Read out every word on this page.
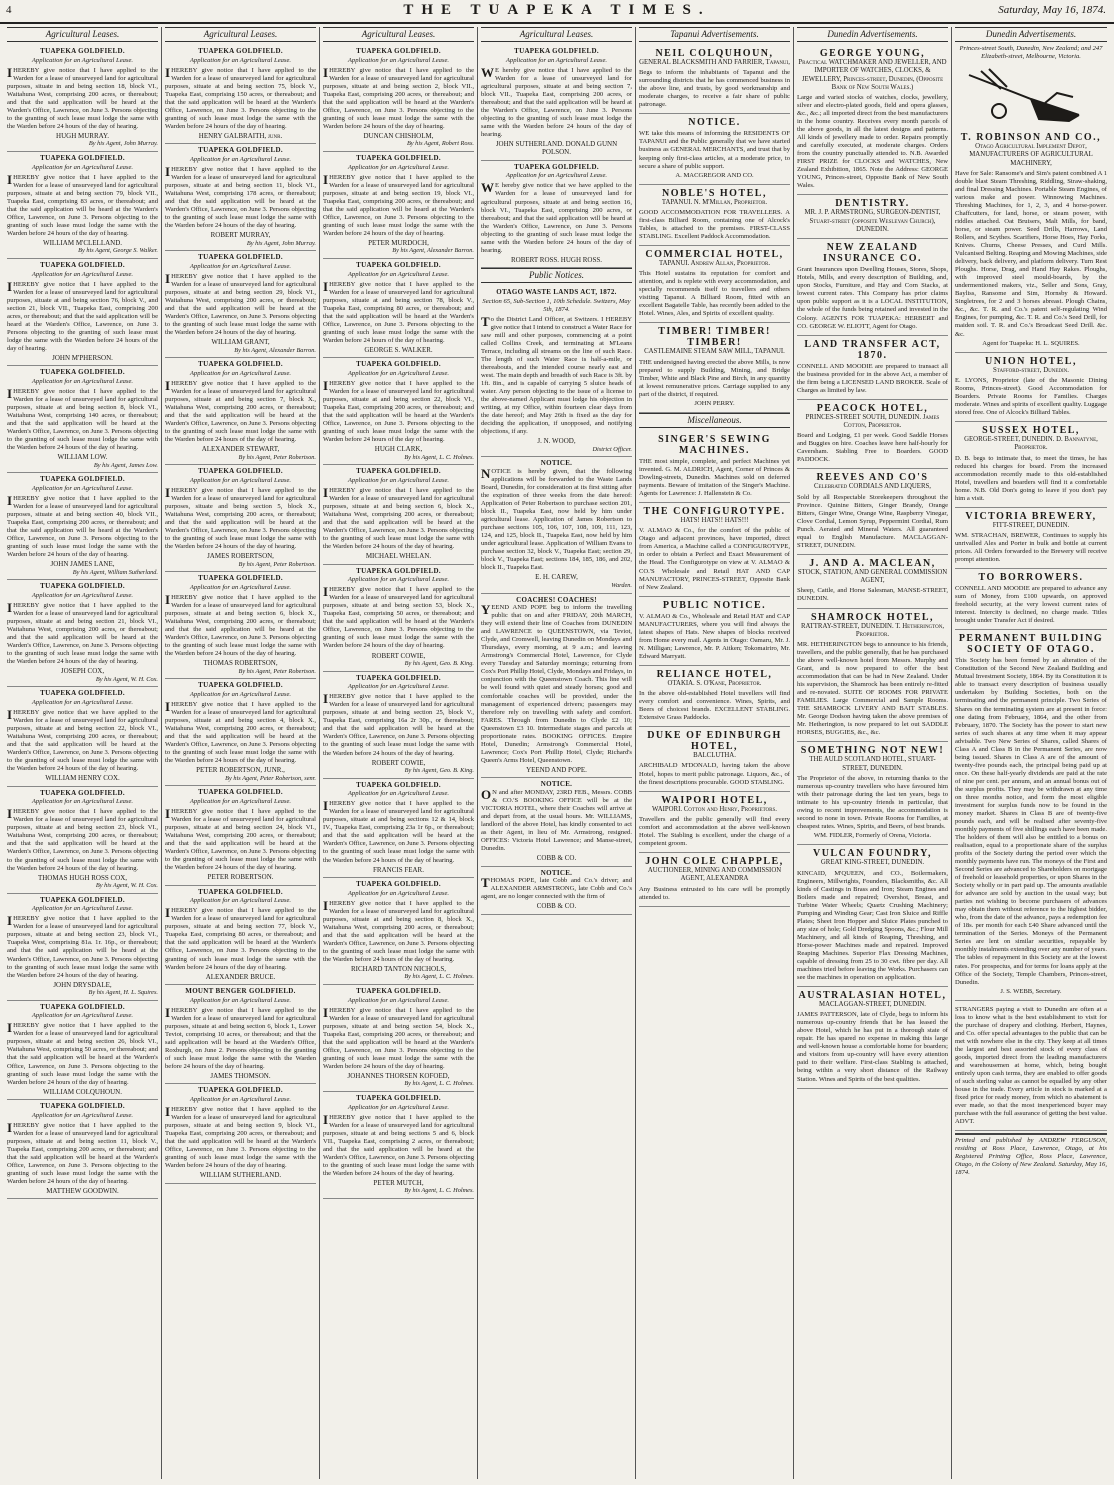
4	THE TUAPEKA TIMES.	Saturday, May 16, 1874.
Agricultural Leases.
TUAPEKA GOLDFIELD.
Application for an Agricultural Lease.
IHEREBY give notice that I have applied to the Warden for a lease of unsurveyed land for agricultural purposes, situate in and being section 18, block VI., Waitahuna West, comprising 200 acres, or thereabout; and that the said application will be heard at the Warden's Office, Lawrence, on June 3. Persons objecting to the granting of such lease must lodge the same with the Warden before 24 hours of the day of hearing.
HUGH MURRAY.
By his Agent, John Murray.
TUAPEKA GOLDFIELD.
Application for an Agricultural Lease.
IHEREBY give notice that I have applied to the Warden for a lease of unsurveyed land for agricultural purposes, situate at and being section 79, block VII., Tuapeka East, comprising 83 acres, or thereabout; and that the said application will be heard at the Warden's Office, Lawrence, on June 3. Persons objecting to the granting of such lease must lodge the same with the Warden before 24 hours of the day of hearing.
WILLIAM M'CLELLAND.
By his Agent, George S. Walker.
TUAPEKA GOLDFIELD.
Application for an Agricultural Lease.
IHEREBY give notice that I have applied to the Warden for a lease of unsurveyed land for agricultural purposes, situate at and being section 76, block V., and section 21, block VII., Tuapeka East, comprising 200 acres, or thereabout; and that the said application will be heard at the Warden's Office, Lawrence, on June 3. Persons objecting to the granting of such lease must lodge the same with the Warden before 24 hours of the day of hearing.
JOHN M'PHERSON.
TUAPEKA GOLDFIELD.
Application for an Agricultural Lease.
IHEREBY give notice that I have applied to the Warden for a lease of unsurveyed land for agricultural purposes, situate at and being section 8, block VI., Waitahuna West, comprising 140 acres, or thereabout; and that the said application will be heard at the Warden's Office, Lawrence, on June 3. Persons objecting to the granting of such lease must lodge the same with the Warden before 24 hours of the day of hearing.
WILLIAM LOW.
By his Agent, James Low.
TUAPEKA GOLDFIELD.
Application for an Agricultural Lease.
IHEREBY give notice that I have applied to the Warden for a lease of unsurveyed land for agricultural purposes, situate at and being section 40, block VII., Tuapeka East, comprising 200 acres, or thereabout; and that the said application will be heard at the Warden's Office, Lawrence, on June 3. Persons objecting to the granting of such lease must lodge the same with the Warden before 24 hours of the day of hearing.
JOHN JAMES LANE,
By his Agent, William Sutherland.
TUAPEKA GOLDFIELD.
Application for an Agricultural Lease.
IHEREBY give notice that I have applied to the Warden for a lease of unsurveyed land for agricultural purposes, situate at and being section 21, block VI., Waitahuna West, comprising 200 acres, or thereabout; and that the said application will be heard at the Warden's Office, Lawrence, on June 3. Persons objecting to the granting of such lease must lodge the same with the Warden before 24 hours of the day of hearing.
JOSEPH COX,
By his Agent, W. H. Cox.
TUAPEKA GOLDFIELD.
Application for an Agricultural Lease.
IHEREBY give notice that we have applied to the Warden for a lease of unsurveyed land for agricultural purposes, situate at and being section 22, block VI., Waitahuna West, comprising 200 acres, or thereabout; and that the said application will be heard at the Warden's Office, Lawrence, on June 3. Persons objecting to the granting of such lease must lodge the same with the Warden before 24 hours of the day of hearing.
WILLIAM HENRY COX.
TUAPEKA GOLDFIELD.
Application for an Agricultural Lease.
IHEREBY give notice that I have applied to the Warden for a lease of unsurveyed land for agricultural purposes, situate at and being section 23, block VI., Waitahuna West, comprising 200 acres, or thereabout; and that the said application will be heard at the Warden's Office, Lawrence, on June 3. Persons objecting to the granting of such lease must lodge the same with the Warden before 24 hours of the day of hearing.
THOMAS HUGH ROSS COX,
By his Agent, W. H. Cox.
TUAPEKA GOLDFIELD.
Application for an Agricultural Lease.
IHEREBY give notice that I have applied to the Warden for a lease of unsurveyed land for agricultural purposes, situate at and being section 23, block VI., Tuapeka West, comprising 81a. 1r. 16p., or thereabout; and that the said application will be heard at the Warden's Office, Lawrence, on June 3. Persons objecting to the granting of such lease must lodge the same with the Warden before 24 hours of the day of hearing.
JOHN DRYSDALE,
By his Agent, H. L. Squires.
TUAPEKA GOLDFIELD.
Application for an Agricultural Lease.
IHEREBY give notice that I have applied to the Warden for a lease of unsurveyed land for agricultural purposes, situate at and being section 26, block VI., Waitahuna West, comprising 50 acres, or thereabout; and that the said application will be heard at the Warden's Office, Lawrence, on June 3. Persons objecting to the granting of such lease must lodge the same with the Warden before 24 hours of the day of hearing.
WILLIAM COLQUHOUN.
TUAPEKA GOLDFIELD.
Application for an Agricultural Lease.
IHEREBY give notice that I have applied to the Warden for a lease of unsurveyed land for agricultural purposes, situate at and being section 11, block V., Tuapeka East, comprising 200 acres, or thereabout; and that the said application will be heard at the Warden's Office, Lawrence, on June 3. Persons objecting to the granting of such lease must lodge the same with the Warden before 24 hours of the day of hearing.
MATTHEW GOODWIN.
Agricultural Leases.
TUAPEKA GOLDFIELD.
Application for an Agricultural Lease.
IHEREBY give notice that I have applied to the Warden for a lease of unsurveyed land for agricultural purposes, situate at and being section 75, block V., Tuapeka East, comprising 150 acres, or thereabout; and that the said application will be heard at the Warden's Office, Lawrence, on June 3. Persons objecting to the granting of such lease must lodge the same with the Warden before 24 hours of the day of hearing.
HENRY GALBRAITH, junr.
TUAPEKA GOLDFIELD.
Application for an Agricultural Lease.
IHEREBY give notice that I have applied to the Warden for a lease of unsurveyed land for agricultural purposes, situate at and being section 11, block VI., Waitahuna West, comprising 178 acres, or thereabout; and that the said application will be heard at the Warden's Office, Lawrence, on June 3. Persons objecting to the granting of such lease must lodge the same with the Warden before 24 hours of the day of hearing.
ROBERT MURRAY,
By his Agent, John Murray.
TUAPEKA GOLDFIELD.
Application for an Agricultural Lease.
IHEREBY give notice that I have applied to the Warden for a lease of unsurveyed land for agricultural purposes, situate at and being section 29, block VI., Waitahuna West, comprising 200 acres, or thereabout; and that the said application will be heard at the Warden's Office, Lawrence, on June 3. Persons objecting to the granting of such lease must lodge the same with the Warden before 24 hours of the day of hearing.
WILLIAM GRANT,
By his Agent, Alexander Barron.
TUAPEKA GOLDFIELD.
Application for an Agricultural Lease.
IHEREBY give notice that I have applied to the Warden for a lease of unsurveyed land for agricultural purposes, situate at and being section 7, block X., Waitahuna West, comprising 200 acres, or thereabout; and that the said application will be heard at the Warden's Office, Lawrence, on June 3. Persons objecting to the granting of such lease must lodge the same with the Warden before 24 hours of the day of hearing.
ALEXANDER STEWART,
By his Agent, Peter Robertson.
TUAPEKA GOLDFIELD.
Application for an Agricultural Lease.
IHEREBY give notice that I have applied to the Warden for a lease of unsurveyed land for agricultural purposes, situate and being section 5, block X., Waitahuna West, comprising 200 acres, or thereabout; and that the said application will be heard at the Warden's Office, Lawrence, on June 3. Persons objecting to the granting of such lease must lodge the same with the Warden before 24 hours of the day of hearing.
JAMES ROBERTSON,
By his Agent, Peter Robertson.
TUAPEKA GOLDFIELD.
Application for an Agricultural Lease.
IHEREBY give notice that I have applied to the Warden for a lease of unsurveyed land for agricultural purposes, situate at and being section 6, block X., Waitahuna West, comprising 200 acres, or thereabout; and that the said application will be heard at the Warden's Office, Lawrence, on June 3. Persons objecting to the granting of such lease must lodge the same with the Warden before 24 hours of the day of hearing.
THOMAS ROBERTSON,
By his Agent, Peter Robertson.
TUAPEKA GOLDFIELD.
Application for an Agricultural Lease.
IHEREBY give notice that I have applied to the Warden for a lease of unsurveyed land for agricultural purposes, situate at and being section 4, block X., Waitahuna West, comprising 200 acres, or thereabout; and that the said application will be heard at the Warden's Office, Lawrence, on June 3. Persons objecting to the granting of such lease must lodge the same with the Warden before 24 hours of the day of hearing.
PETER ROBERTSON, JUNR.,
By his Agent, Peter Robertson, senr.
TUAPEKA GOLDFIELD.
Application for an Agricultural Lease.
IHEREBY give notice that I have applied to the Warden for a lease of unsurveyed land for agricultural purposes, situate at and being section 24, block VI., Waitahuna West, comprising 200 acres, or thereabout; and that the said application will be heard at the Warden's Office, Lawrence, on June 3. Persons objecting to the granting of such lease must lodge the same with the Warden before 24 hours of the day of hearing.
PETER ROBERTSON.
TUAPEKA GOLDFIELD.
Application for an Agricultural Lease.
IHEREBY give notice that I have applied to the Warden for a lease of unsurveyed land for agricultural purposes, situate at and being section 77, block V., Tuapeka East, comprising 80 acres, or thereabout; and that the said application will be heard at the Warden's Office, Lawrence, on June 3. Persons objecting to the granting of such lease must lodge the same with the Warden before 24 hours of the day of hearing.
ALEXANDER BRUCE.
MOUNT BENGER GOLDFIELD.
Application for an Agricultural Lease.
IHEREBY give notice that I have applied to the Warden for a lease of unsurveyed land for agricultural purposes, situate at and being section 6, block I., Lower Teviot, comprising 10 acres, or thereabout; and that the said application will be heard at the Warden's Office, Roxburgh, on June 2. Persons objecting to the granting of such lease must lodge the same with the Warden before 24 hours of the day of hearing.
JAMES THOMSON.
TUAPEKA GOLDFIELD.
Application for an Agricultural Lease.
IHEREBY give notice that I have applied to the Warden for a lease of unsurveyed land for agricultural purposes, situate at and being section 9, block VI., Tuapeka East, comprising 200 acres, or thereabout; and that the said application will be heard at the Warden's Office, Lawrence, on June 3. Persons objecting to the granting of such lease must lodge the same with the Warden before 24 hours of the day of hearing.
WILLIAM SUTHERLAND.
Agricultural Leases.
TUAPEKA GOLDFIELD.
Application for an Agricultural Lease.
IHEREBY give notice that I have applied to the Warden for a lease of unsurveyed land for agricultural purposes, situate at and being section 2, block VII., Tuapeka East, comprising 200 acres, or thereabout; and that the said application will be heard at the Warden's Office, Lawrence, on June 3. Persons objecting to the granting of such lease must lodge the same with the Warden before 24 hours of the day of hearing.
DUNCAN CHISHOLM,
By his Agent, Robert Ross.
TUAPEKA GOLDFIELD.
Application for an Agricultural Lease.
IHEREBY give notice that I have applied to the Warden for a lease of unsurveyed land for agricultural purposes, situate at and being section 19, block VI., Tuapeka East, comprising 200 acres, or thereabout; and that the said application will be heard at the Warden's Office, Lawrence, on June 3. Persons objecting to the granting of such lease must lodge the same with the Warden before 24 hours of the day of hearing.
PETER MURDOCH,
By his Agent, Alexander Barron.
TUAPEKA GOLDFIELD.
Application for an Agricultural Lease.
IHEREBY give notice that I have applied to the Warden for a lease of unsurveyed land for agricultural purposes, situate at and being section 78, block V., Tuapeka East, comprising 80 acres, or thereabout; and that the said application will be heard at the Warden's Office, Lawrence, on June 3. Persons objecting to the granting of such lease must lodge the same with the Warden before 24 hours of the day of hearing.
GEORGE S. WALKER.
TUAPEKA GOLDFIELD.
Application for an Agricultural Lease.
IHEREBY give notice that I have applied to the Warden for a lease of unsurveyed land for agricultural purposes, situate at and being section 22, block VI., Tuapeka East, comprising 200 acres, or thereabout; and that the said application will be heard at the Warden's Office, Lawrence, on June 3. Persons objecting to the granting of such lease must lodge the same with the Warden before 24 hours of the day of hearing.
HUGH CLARK,
By his Agent, L. C. Holmes.
TUAPEKA GOLDFIELD.
Application for an Agricultural Lease.
IHEREBY give notice that I have applied to the Warden for a lease of unsurveyed land for agricultural purposes, situate at and being section 6, block X., Waitahuna West, comprising 200 acres, or thereabout; and that the said application will be heard at the Warden's Office, Lawrence, on June 3. Persons objecting to the granting of such lease must lodge the same with the Warden before 24 hours of the day of hearing.
MICHAEL WHELAN.
TUAPEKA GOLDFIELD.
Application for an Agricultural Lease.
IHEREBY give notice that I have applied to the Warden for a lease of unsurveyed land for agricultural purposes, situate at and being section 53, block X., Tuapeka East, comprising 50 acres, or thereabout; and that the said application will be heard at the Warden's Office, Lawrence, on June 3. Persons objecting to the granting of such lease must lodge the same with the Warden before 24 hours of the day of hearing.
ROBERT COWIE,
By his Agent, Geo. B. King.
TUAPEKA GOLDFIELD.
Application for an Agricultural Lease.
IHEREBY give notice that I have applied to the Warden for a lease of unsurveyed land for agricultural purposes, situate at and being section 25, block V., Tuapeka East, comprising 16a 2r 30p., or thereabout; and that the said application will be heard at the Warden's Office, Lawrence, on June 3. Persons objecting to the granting of such lease must lodge the same with the Warden before 24 hours of the day of hearing.
ROBERT COWIE,
By his Agent, Geo. B. King.
TUAPEKA GOLDFIELD.
Application for an Agricultural Lease.
IHEREBY give notice that I have applied to the Warden for a lease of unsurveyed land for agricultural purposes, situate at and being sections 12 & 14, block IV., Tuapeka East, comprising 23a 1r 6p., or thereabout; and that the said application will be heard at the Warden's Office, Lawrence, on June 3. Persons objecting to the granting of such lease must lodge the same with the Warden before 24 hours of the day of hearing.
FRANCIS FEAR.
TUAPEKA GOLDFIELD.
Application for an Agricultural Lease.
IHEREBY give notice that I have applied to the Warden for a lease of unsurveyed land for agricultural purposes, situate at and being section 8, block X., Waitahuna West, comprising 200 acres, or thereabout; and that the said application will be heard at the Warden's Office, Lawrence, on June 3. Persons objecting to the granting of such lease must lodge the same with the Warden before 24 hours of the day of hearing.
RICHARD TANTON NICHOLS,
By his Agent, L. C. Holmes.
TUAPEKA GOLDFIELD.
Application for an Agricultural Lease.
IHEREBY give notice that I have applied to the Warden for a lease of unsurveyed land for agricultural purposes, situate at and being section 54, block X., Tuapeka East, comprising 200 acres, or thereabout; and that the said application will be heard at the Warden's Office, Lawrence, on June 3. Persons objecting to the granting of such lease must lodge the same with the Warden before 24 hours of the day of hearing.
JOHANNES THORSEN KOFOED,
By his Agent, L. C. Holmes.
TUAPEKA GOLDFIELD.
Application for an Agricultural Lease.
IHEREBY give notice that I have applied to the Warden for a lease of unsurveyed land for agricultural purposes, situate at and being sections 5 and 6, block VII., Tuapeka East, comprising 2 acres, or thereabout; and that the said application will be heard at the Warden's Office, Lawrence, on June 3. Persons objecting to the granting of such lease must lodge the same with the Warden before 24 hours of the day of hearing.
PETER MUTCH,
By his Agent, L. C. Holmes.
Agricultural Leases.
TUAPEKA GOLDFIELD.
Application for an Agricultural Lease.
WE hereby give notice that I have applied to the Warden for a lease of unsurveyed land for agricultural purposes, situate at and being section 7, block VII., Tuapeka East, comprising 200 acres, or thereabout; and that the said application will be heard at the Warden's Office, Lawrence, on June 3. Persons objecting to the granting of such lease must lodge the same with the Warden before 24 hours of the day of hearing.
JOHN SUTHERLAND. DONALD GUNN POLSON.
TUAPEKA GOLDFIELD.
Application for an Agricultural Lease.
WE hereby give notice that we have applied to the Warden for a lease of unsurveyed land for agricultural purposes, situate at and being section 16, block VI., Tuapeka East, comprising 200 acres, or thereabout; and that the said application will be heard at the Warden's Office, Lawrence, on June 3. Persons objecting to the granting of such lease must lodge the same with the Warden before 24 hours of the day of hearing.
ROBERT ROSS. HUGH ROSS.
Public Notices.
OTAGO WASTE LANDS ACT, 1872.
Section 65, Sub-Section 1, 10th Schedule. Switzers, May 5th, 1874.
To the District Land Officer, at Switzers. I HEREBY give notice that I intend to construct a Water Race for saw mill and other purposes, commencing at a point called Collins Creek, and terminating at M'Leans Terrace, including all streams on the line of such Race. The length of such Water Race is half-a-mile, or thereabouts, and the intended course nearly east and west. The main depth and breadth of such Race is 3ft. by 1ft. 8in., and is capable of carrying 5 sluice heads of water. Any person objecting to the issue of a license to the above-named Applicant must lodge his objection in writing, at my Office, within fourteen clear days from the date hereof; and May 26th is fixed as the day for deciding the application, if unopposed, and notifying objections, if any.
J. N. WOOD,
District Officer.
NOTICE.
NOTICE is hereby given, that the following applications will be forwarded to the Waste Lands Board, Dunedin, for consideration at its first sitting after the expiration of three weeks from the date hereof: Application of Peter Robertson to purchase section 201, block II., Tuapeka East, now held by him under agricultural lease. Application of James Robertson to purchase sections 105, 106, 107, 108, 109, 111, 123, 124, and 125, block II., Tuapeka East, now held by him under agricultural lease. Application of William Evans to purchase section 32, block V., Tuapeka East; section 29, block V., Tuapeka East; sections 184, 185, 186, and 202, block II., Tuapeka East.
E. H. CAREW,
Warden.
COACHES! COACHES!
YEEND AND POPE beg to inform the travelling public that on and after FRIDAY, 20th MARCH, they will extend their line of Coaches from DUNEDIN and LAWRENCE to QUEENSTOWN, via Teviot, Clyde, and Cromwell, leaving Dunedin on Mondays and Thursdays, every morning, at 9 a.m.; and leaving Armstrong's Commercial Hotel, Lawrence, for Clyde every Tuesday and Saturday mornings; returning from Cox's Port Phillip Hotel, Clyde, Mondays and Fridays, in conjunction with the Queenstown Coach. This line will be well found with quiet and steady horses; good and comfortable coaches will be provided, under the management of experienced drivers; passengers may therefore rely on travelling with safety and comfort. FARES. Through from Dunedin to Clyde £2 10; Queenstown £3 10. Intermediate stages and parcels at proportionate rates. BOOKING OFFICES. Empire Hotel, Dunedin; Armstrong's Commercial Hotel, Lawrence; Cox's Port Phillip Hotel, Clyde; Richard's Queen's Arms Hotel, Queenstown.
YEEND AND POPE.
NOTICE.
ON and after MONDAY, 23RD FEB., Messrs. COBB & CO.'S BOOKING OFFICE will be at the VICTORIA HOTEL, where their Coaches will arrive at and depart from, at the usual hours. Mr. WILLIAMS, landlord of the above Hotel, has kindly consented to act as their Agent, in lieu of Mr. Armstrong, resigned. OFFICES: Victoria Hotel Lawrence; and Manse-street, Dunedin.
COBB & CO.
NOTICE.
THOMAS POPE, late Cobb and Co.'s driver; and ALEXANDER ARMSTRONG, late Cobb and Co.'s agent, are no longer connected with the firm of
COBB & CO.
Tapanui Advertisements.
NEIL COLQUHOUN,
GENERAL BLACKSMITH AND FARRIER, Tapanui,
Begs to inform the inhabitants of Tapanui and the surrounding districts that he has commenced business in the above line, and trusts, by good workmanship and moderate charges, to receive a fair share of public patronage.
NOTICE.
WE take this means of informing the RESIDENTS OF TAPANUI and the Public generally that we have started business as GENERAL MERCHANTS, and trust that by keeping only first-class articles, at a moderate price, to secure a share of public support.
A. MACGREGOR AND CO.
NOBLE'S HOTEL,
TAPANUI. N. M'Millan, Proprietor.
GOOD ACCOMMODATION FOR TRAVELLERS. A first-class Billiard Room, containing one of Alcock's Tables, is attached to the premises. FIRST-CLASS STABLING. Excellent Paddock Accommodation.
COMMERCIAL HOTEL,
TAPANUI. Andrew Allan, Proprietor.
This Hotel sustains its reputation for comfort and attention, and is replete with every accommodation, and specially recommends itself to travellers and others visiting Tapanui. A Billiard Room, fitted with an excellent Bagatelle Table, has recently been added to the Hotel. Wines, Ales, and Spirits of excellent quality.
TIMBER! TIMBER! TIMBER!
CASTLEMAINE STEAM SAW MILL, TAPANUI.
THE undersigned having erected the above Mills, is now prepared to supply Building, Mining, and Bridge Timber, White and Black Pine and Birch, in any quantity at lowest remunerative prices. Carriage supplied to any part of the district, if required.
JOHN PERRY.
Miscellaneous.
SINGER'S SEWING MACHINES.
THE most simple, complete, and perfect Machines yet invented. G. M. ALDRICH, Agent, Corner of Princes & Dowling-streets, Dunedin. Machines sold on deferred payments. Beware of imitation of the Singer's Machine. Agents for Lawrence: J. Hallenstein & Co.
THE CONFIGUROTYPE.
HATS! HATS!! HATS!!!
V. ALMAO & Co., for the comfort of the public of Otago and adjacent provinces, have imported, direct from America, a Machine called a CONFIGUROTYPE, in order to obtain a Perfect and Exact Measurement of the Head. The Configurotype on view at V. ALMAO & CO.'S Wholesale and Retail HAT AND CAP MANUFACTORY, PRINCES-STREET, Opposite Bank of New Zealand.
PUBLIC NOTICE.
V. ALMAO & Co., Wholesale and Retail HAT and CAP MANUFACTURERS, where you will find always the latest shapes of Hats. New shapes of blocks received from Home every mail. Agents in Otago: Oamaru, Mr. J. N. Milligan; Lawrence, Mr. P. Aitken; Tokomairiro, Mr. Edward Marryatt.
RELIANCE HOTEL,
OTAKIA. S. O'Kane, Proprietor.
In the above old-established Hotel travellers will find every comfort and convenience. Wines, Spirits, and Beers of choicest brands. EXCELLENT STABLING. Extensive Grass Paddocks.
DUKE OF EDINBURGH HOTEL,
BALCLUTHA.
ARCHIBALD M'DONALD, having taken the above Hotel, hopes to merit public patronage. Liquors, &c., of the finest descriptions procurable. GOOD STABLING.
WAIPORI HOTEL,
WAIPORI. Cotton and Henry, Proprietors.
Travellers and the public generally will find every comfort and accommodation at the above well-known Hotel. The Stabling is excellent, under the charge of a competent groom.
JOHN COLE CHAPPLE,
AUCTIONEER, MINING AND COMMISSION AGENT, ALEXANDRA
Any Business entrusted to his care will be promptly attended to.
Dunedin Advertisements.
GEORGE YOUNG,
Practical WATCHMAKER AND JEWELLER, AND IMPORTER OF WATCHES, CLOCKS, & JEWELLERY, Princes-street, Dunedin, (Opposite Bank of New South Wales.)
Large and varied stocks of watches, clocks, jewellery, silver and electro-plated goods, field and opera glasses, &c., &c.; all imported direct from the best manufacturers in the home country. Receives every month parcels of the above goods, in all the latest designs and patterns. All kinds of jewellery made to order. Repairs promptly and carefully executed, at moderate charges. Orders from the country punctually attended to. N.B. Awarded FIRST PRIZE for CLOCKS and WATCHES, New Zealand Exhibition, 1865. Note the Address: GEORGE YOUNG, Princes-street, Opposite Bank of New South Wales.
DENTISTRY.
MR. J. P. ARMSTRONG, SURGEON-DENTIST, Stuart-street (opposite Wesleyan Church), DUNEDIN.
NEW ZEALAND INSURANCE CO.
Grant Insurances upon Dwelling Houses, Stores, Shops, Hotels, Mills, and every description of Building, and, upon Stocks, Furniture, and Hay and Corn Stacks, at lowest current rates. This Company has prior claims upon public support as it is a LOCAL INSTITUTION, the whole of the funds being retained and invested in the Colony. AGENTS FOR TUAPEKA: HERBERT and CO. GEORGE W. ELIOTT, Agent for Otago.
LAND TRANSFER ACT, 1870.
CONNELL AND MOODIE are prepared to transact all the business provided for in the above Act, a member of the firm being a LICENSED LAND BROKER. Scale of Charges as limited by law.
PEACOCK HOTEL,
PRINCES-STREET SOUTH, DUNEDIN. James Cotton, Proprietor.
Board and Lodging, £1 per week. Good Saddle Horses and Buggies on hire. Coaches leave here half-hourly for Caversham. Stabling Free to Boarders. GOOD PADDOCK.
REEVES AND CO'S
Celebrated CORDIALS AND LIQUERS,
Sold by all Respectable Storekeepers throughout the Province. Quinine Bitters, Ginger Brandy, Orange Bitters, Ginger Wine, Orange Wine, Raspberry Vinegar, Clove Cordial, Lemon Syrup, Peppermint Cordial, Rum Punch. Aerated and Mineral Waters. All guaranteed equal to English Manufacture. MACLAGGAN-STREET, DUNEDIN.
J. AND A. MACLEAN,
STOCK, STATION, AND GENERAL COMMISSION AGENT,
Sheep, Cattle, and Horse Salesman, MANSE-STREET, DUNEDIN.
SHAMROCK HOTEL,
RATTRAY-STREET, DUNEDIN. T. Hetherington, Proprietor.
MR. HETHERINGTON begs to announce to his friends, travellers, and the public generally, that he has purchased the above well-known hotel from Messrs. Murphy and Grant, and is now prepared to offer the best accommodation that can be had in New Zealand. Under his supervision, the Shamrock has been entirely re-fitted and re-novated. SUITE OF ROOMS FOR PRIVATE FAMILIES. Large Commercial and Sample Rooms. THE SHAMROCK LIVERY AND BAIT STABLES. Mr. George Dodson having taken the above premises of Mr. Hetherington, is now prepared to let out SADDLE HORSES, BUGGIES, &c., &c.
SOMETHING NOT NEW!
THE AULD SCOTLAND HOTEL, STUART-STREET, DUNEDIN.
The Proprietor of the above, in returning thanks to the numerous up-country travellers who have favoured him with their patronage during the last ten years, begs to intimate to his up-country friends in particular, that owing to recent improvements, the accommodation is second to none in town. Private Rooms for Families, at cheapest rates. Wines, Spirits, and Beers, of best brands.
WM. FIDLER, Formerly of Orena, Victoria.
VULCAN FOUNDRY,
GREAT KING-STREET, DUNEDIN.
KINCAID, M'QUEEN, and CO., Boilermakers, Engineers, Millwrights, Founders, Blacksmiths, &c. All kinds of Castings in Brass and Iron; Steam Engines and Boilers made and repaired; Overshot, Breast, and Turbine Water Wheels; Quartz Crushing Machinery; Pumping and Winding Gear; Cast Iron Sluice and Riffle Plates; Sheet Iron Hopper and Sluice Plates punched to any size of hole; Gold Dredging Spoons, &c.; Flour Mill Machinery, and all kinds of Reaping, Threshing, and Horse-power Machines made and repaired. Improved Reaping Machines. Superior Flax Dressing Machines, capable of dressing from 25 to 30 cwt. fibre per day. All machines tried before leaving the Works. Purchasers can see the machines in operation on application.
AUSTRALASIAN HOTEL,
MACLAGGAN-STREET, DUNEDIN.
JAMES PATTERSON, late of Clyde, begs to inform his numerous up-country friends that he has leased the above Hotel, which he has put in a thorough state of repair. He has spared no expense in making this large and well-known house a comfortable home for boarders; and visitors from up-country will have every attention paid to their welfare. First-class Stabling is attached, being within a very short distance of the Railway Station. Wines and Spirits of the best qualities.
Dunedin Advertisements.
Princes-street South, Dunedin, New Zealand; and 247 Elizabeth-street, Melbourne, Victoria.
T. ROBINSON AND CO.,
Otago Agricultural Implement Depot, MANUFACTURERS OF AGRICULTURAL MACHINERY,
Have for Sale: Ransome's and Sim's patent combined A 1 double blast Steam Threshing, Riddling, Straw-shaking, and final Dressing Machines. Portable Steam Engines, of various make and power. Winnowing Machines. Threshing Machines, for 1, 2, 3, and 4 horse-power. Chaffcutters, for land, horse, or steam power, with riddles attached. Oat Bruisers, Malt Mills, for band, horse, or steam power. Seed Drills, Harrows, Land Rollers, and Scythes. Scarifiers, Horse Hoes, Hay Forks, Knives. Churns, Cheese Presses, and Curd Mills. Vulcanised Belting. Reaping and Mowing Machines, side delivery, back delivery, and platform delivery. Turn Rest Ploughs. Horse, Drag, and Hand Hay Rakes. Ploughs, with improved steel mould-boards, by the undermentioned makers, viz., Seller and Sons, Gray, Bayliss, Ransome and Sim, Hornsby & Howard. Singletrees, for 2 and 3 horses abreast. Plough Chains, &c., &c. T. R. and Co.'s patent self-regulating Wind Engines, for pumping, &c. T. R. and Co.'s Seed Drill, for maiden soil. T. R. and Co.'s Broadcast Seed Drill. &c. &c.
Agent for Tuapeka: H. L. SQUIRES.
UNION HOTEL,
Stafford-street, Dunedin.
E. LYONS, Proprietor (late of the Masonic Dining Rooms, Princes-street). Good Accommodation for Boarders. Private Rooms for Families. Charges moderate. Wines and spirits of excellent quality. Luggage stored free. One of Alcock's Billiard Tables.
SUSSEX HOTEL,
GEORGE-STREET, DUNEDIN. D. Bannatyne, Proprietor.
D. B. begs to intimate that, to meet the times, he has reduced his charges for board. From the increased accommodation recently made to this old-established Hotel, travellers and boarders will find it a comfortable home. N.B. Old Don's going to leave if you don't pay him a visit.
VICTORIA BREWERY,
FITT-STREET, DUNEDIN.
WM. STRACHAN, BREWER, Continues to supply his unrivalled Ales and Porter in bulk and bottle at current prices. All Orders forwarded to the Brewery will receive prompt attention.
TO BORROWERS.
CONNELL AND MOODIE are prepared to advance any sum of Money, from £100 upwards, on approved freehold security, at the very lowest current rates of interest. Intercity is declined, no charge made. Titles brought under Transfer Act if desired.
PERMANENT BUILDING SOCIETY OF OTAGO.
This Society has been formed by an alteration of the Constitution of the Second New Zealand Building and Mutual Investment Society, 1864. By its Constitution it is able to transact every description of business usually undertaken by Building Societies, both on the terminating and the permanent principle. Two Series of Shares on the terminating system are at present in force: one dating from February, 1864, and the other from February, 1870. The Society has the power to start new series of such shares at any time when it may appear advisable. Two New Series of Shares, called Shares of Class A and Class B in the Permanent Series, are now being issued. Shares in Class A are of the amount of twenty-five pounds each, the principal being paid up at once. On these half-yearly dividends are paid at the rate of nine per cent. per annum, and an annual bonus out of the surplus profits. They may be withdrawn at any time on three months notice, and form the most eligible investment for surplus funds now to be found in the money market. Shares in Class B are of twenty-five pounds each, and will be realised after seventy-five monthly payments of five shillings each have been made. The holders of them will also be entitled to a bonus on realisation, equal to a proportionate share of the surplus profits of the Society during the period over which the monthly payments have run. The moneys of the First and Second Series are advanced to Shareholders on mortgage of freehold or leasehold properties, or upon Shares in the Society wholly or in part paid up. The amounts available for advance are sold by auction in the usual way; but parties not wishing to become purchasers of advances may obtain them without reference to the highest bidder, who, from the date of the advance, pays a redemption fee of 18s. per month for each £40 Share advanced until the termination of the Series. Moneys of the Permanent Series are lent on similar securities, repayable by monthly instalments extending over any number of years. The tables of repayment in this Society are at the lowest rates. For prospectus, and for terms for loans apply at the Office of the Society, Temple Chambers, Princes-street, Dunedin.
J. S. WEBB, Secretary.
STRANGERS paying a visit to Dunedin are often at a loss to know what is the best establishment to visit for the purchase of drapery and clothing. Herbert, Haynes, and Co. offer special advantages to the public that can be met with nowhere else in the city. They keep at all times the largest and best assorted stock of every class of goods, imported direct from the leading manufacturers and warehousemen at home, which, being bought entirely upon cash terms, they are enabled to offer goods of such sterling value as cannot be equalled by any other house in the trade. Every article in stock is marked at a fixed price for ready money, from which no abatement is ever made, so that the most inexperienced buyer may purchase with the full assurance of getting the best value. ADVT.
Printed and published by ANDREW FERGUSON, residing at Ross Place, Lawrence, Otago, at his Registered Printing Office, Ross Place, Lawrence, Otago, in the Colony of New Zealand. Saturday, May 16, 1874.
